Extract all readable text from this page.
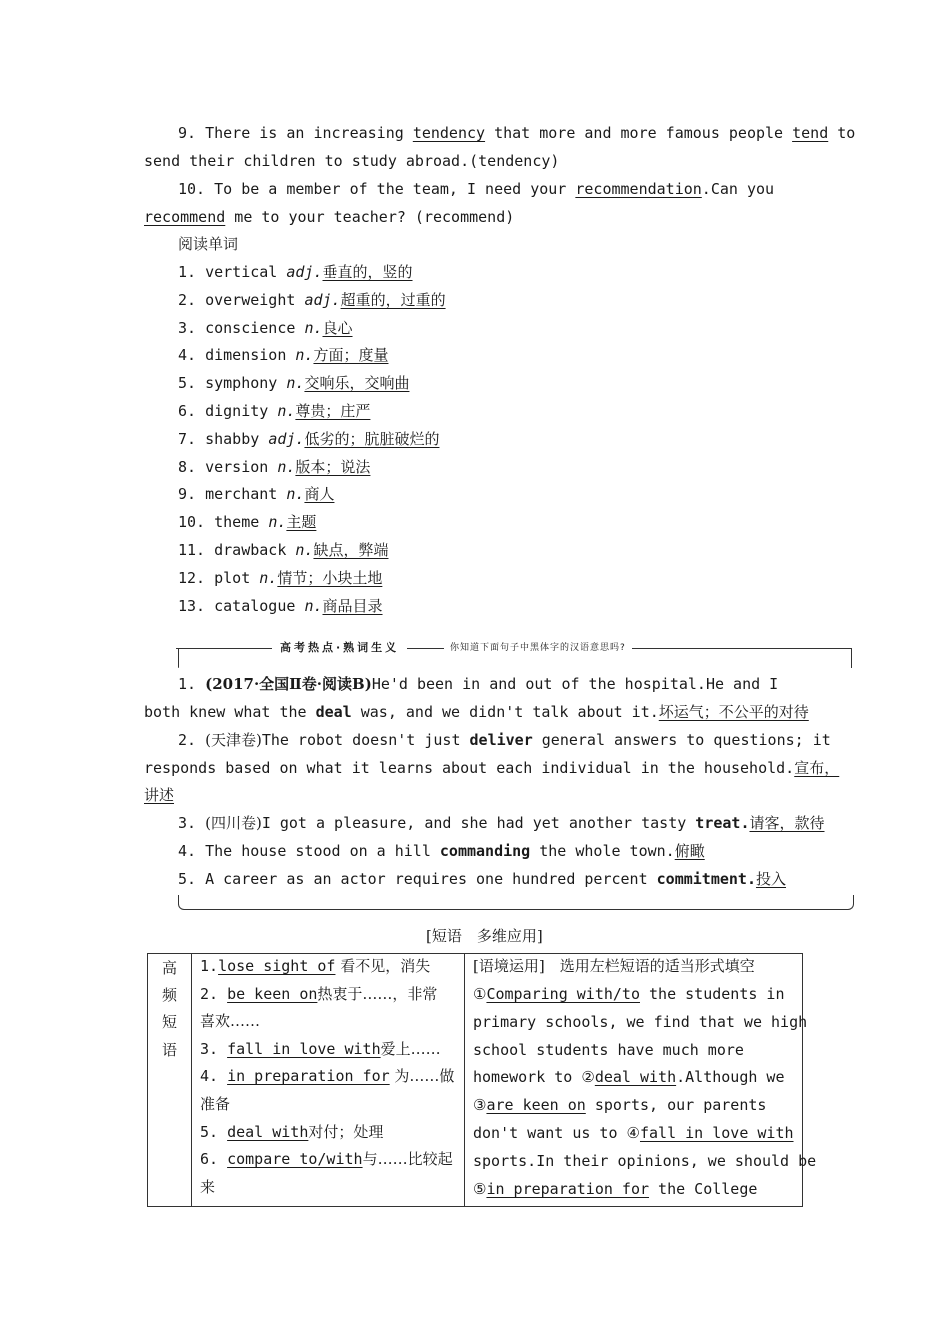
9. There is an increasing tendency that more and more famous people tend to
send their children to study abroad.(tendency)
10. To be a member of the team, I need your recommendation.Can you
recommend me to your teacher? (recommend)
阅读单词
1. vertical adj.垂直的，竖的
2. overweight adj.超重的，过重的
3. conscience n.良心
4. dimension n.方面；度量
5. symphony n.交响乐，交响曲
6. dignity n.尊贵；庄严
7. shabby adj.低劣的；肮脏破烂的
8. version n.版本；说法
9. merchant n.商人
10. theme n.主题
11. drawback n.缺点，弊端
12. plot n.情节；小块土地
13. catalogue n.商品目录
高考热点·熟词生义	你知道下面句子中黑体字的汉语意思吗?
1. (2017·全国Ⅱ卷·阅读B)He'd been in and out of the hospital.He and I
both knew what the deal was, and we didn't talk about it.坏运气；不公平的对待
2. (天津卷)The robot doesn't just deliver general answers to questions; it
responds based on what it learns about each individual in the household.宣布，
讲述
3. (四川卷)I got a pleasure, and she had yet another tasty treat.请客，款待
4. The house stood on a hill commanding the whole town.俯瞰
5. A career as an actor requires one hundred percent commitment.投入
[短语　多维应用]
高
频
短
语
1.lose sight of 看不见，消失
2. be keen on热衷于……，非常
喜欢……
3. fall in love with爱上……
4. in preparation for 为……做
准备
5. deal with对付；处理
6. compare to/with与……比较起
来
[语境运用]　选用左栏短语的适当形式填空
①Comparing with/to the students in
primary schools, we find that we high
school students have much more
homework to ②deal with.Although we
③are keen on sports, our parents
don't want us to ④fall in love with
sports.In their opinions, we should be
⑤in preparation for the College
